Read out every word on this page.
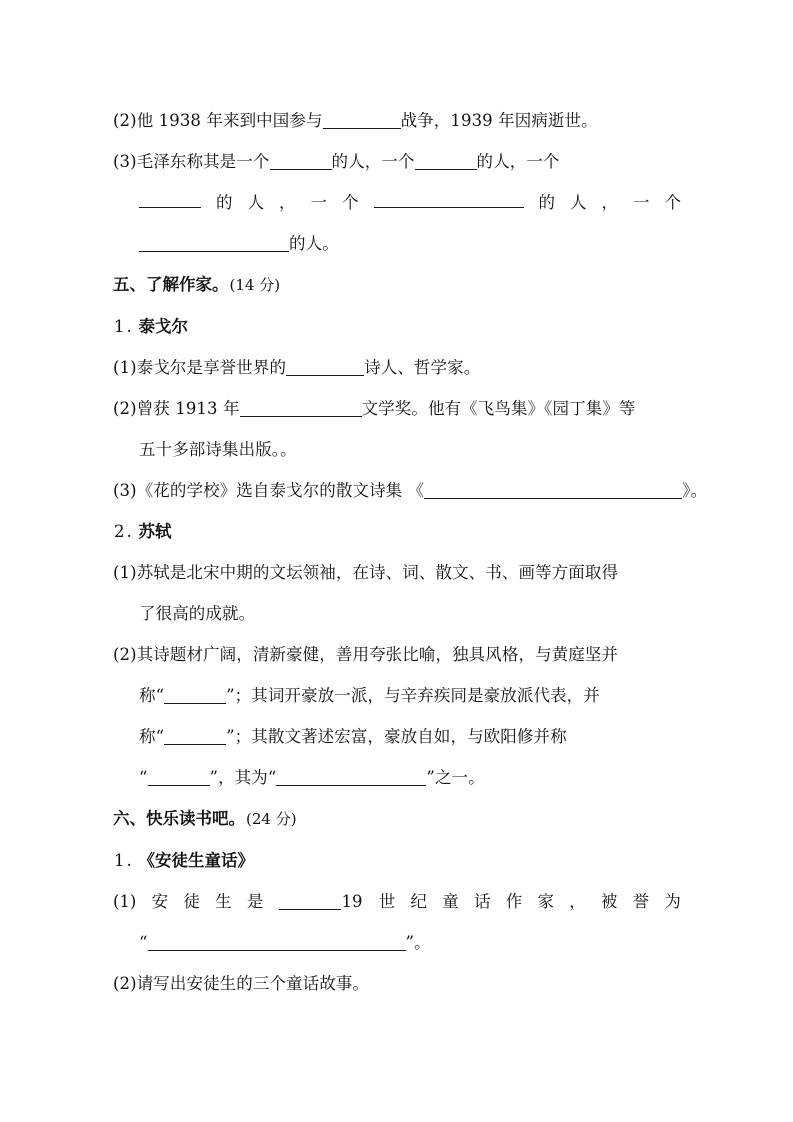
(2)他 1938 年来到中国参与	战争，1939 年因病逝世。

(3)毛泽东称其是一个	的人，一个	的人，一个

的 人 ， 一 个	的 人 ， 一 个

的人。

五、了解作家。(14 分)

1 . 泰戈尔

(1)泰戈尔是享誉世界的	诗人、哲学家。

(2)曾获 1913 年	文学奖。他有《飞鸟集》《园丁集》等

五十多部诗集出版。。

(3)《花的学校》选自泰戈尔的散文诗集 《	》。

2 . 苏轼

(1)苏轼是北宋中期的文坛领袖，在诗、词、散文、书、画等方面取得

了很高的成就。

(2)其诗题材广阔，清新豪健，善用夸张比喻，独具风格，与黄庭坚并

称“	”；其词开豪放一派，与辛弃疾同是豪放派代表，并

称“	”；其散文著述宏富，豪放自如，与欧阳修并称

“	”，其为“	”之一。

六、快乐读书吧。(24 分)

1 . 《安徒生童话》

(1) 安 徒 生 是	19 世 纪 童 话 作 家 ， 被 誉 为

“	”。

(2)请写出安徒生的三个童话故事。
